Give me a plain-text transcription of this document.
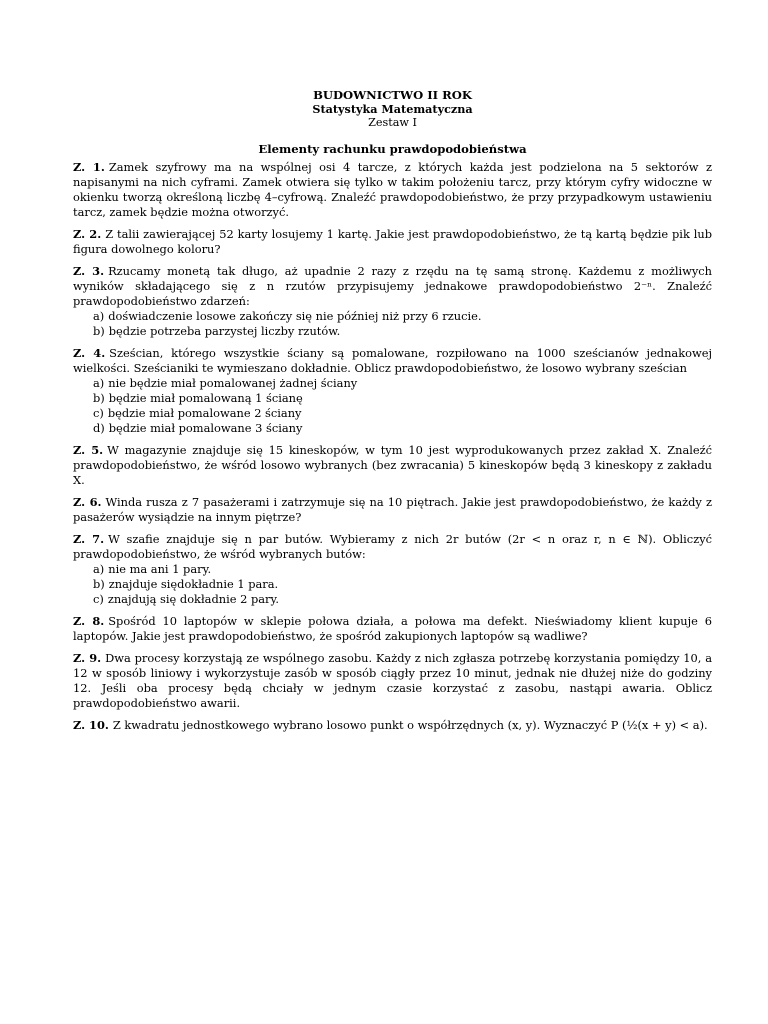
BUDOWNICTWO II ROK
Statystyka Matematyczna
Zestaw I
Elementy rachunku prawdopodobieństwa
Z. 1. Zamek szyfrowy ma na wspólnej osi 4 tarcze, z których każda jest podzielona na 5 sektorów z napisanymi na nich cyframi. Zamek otwiera się tylko w takim położeniu tarcz, przy którym cyfry widoczne w okienku tworzą określoną liczbę 4–cyfrową. Znaleźć prawdopodobieństwo, że przy przypadkowym ustawieniu tarcz, zamek będzie można otworzyć.
Z. 2. Z talii zawierającej 52 karty losujemy 1 kartę. Jakie jest prawdopodobieństwo, że tą kartą będzie pik lub figura dowolnego koloru?
Z. 3. Rzucamy monetą tak długo, aż upadnie 2 razy z rzędu na tę samą stronę. Każdemu z możliwych wyników składającego się z n rzutów przypisujemy jednakowe prawdopodobieństwo 2⁻ⁿ. Znaleźć prawdopodobieństwo zdarzeń:
a) doświadczenie losowe zakończy się nie później niż przy 6 rzucie.
b) będzie potrzeba parzystej liczby rzutów.
Z. 4. Sześcian, którego wszystkie ściany są pomalowane, rozpiłowano na 1000 sześcianów jednakowej wielkości. Sześcianiki te wymieszano dokładnie. Oblicz prawdopodobieństwo, że losowo wybrany sześcian
a) nie będzie miał pomalowanej żadnej ściany
b) będzie miał pomalowaną 1 ścianę
c) będzie miał pomalowane 2 ściany
d) będzie miał pomalowane 3 ściany
Z. 5. W magazynie znajduje się 15 kineskopów, w tym 10 jest wyprodukowanych przez zakład X. Znaleźć prawdopodobieństwo, że wśród losowo wybranych (bez zwracania) 5 kineskopów będą 3 kineskopy z zakładu X.
Z. 6. Winda rusza z 7 pasażerami i zatrzymuje się na 10 piętrach. Jakie jest prawdopodobieństwo, że każdy z pasażerów wysiądzie na innym piętrze?
Z. 7. W szafie znajduje się n par butów. Wybieramy z nich 2r butów (2r < n oraz r, n ∈ ℕ). Obliczyć prawdopodobieństwo, że wśród wybranych butów:
a) nie ma ani 1 pary.
b) znajduje siędokładnie 1 para.
c) znajdują się dokładnie 2 pary.
Z. 8. Spośród 10 laptopów w sklepie połowa działa, a połowa ma defekt. Nieświadomy klient kupuje 6 laptopów. Jakie jest prawdopodobieństwo, że spośród zakupionych laptopów są wadliwe?
Z. 9. Dwa procesy korzystają ze wspólnego zasobu. Każdy z nich zgłasza potrzebę korzystania pomiędzy 10, a 12 w sposób liniowy i wykorzystuje zasób w sposób ciągły przez 10 minut, jednak nie dłużej niże do godziny 12. Jeśli oba procesy będą chciały w jednym czasie korzystać z zasobu, nastąpi awaria. Oblicz prawdopodobieństwo awarii.
Z. 10. Z kwadratu jednostkowego wybrano losowo punkt o współrzędnych (x, y). Wyznaczyć P (½(x + y) < a).
